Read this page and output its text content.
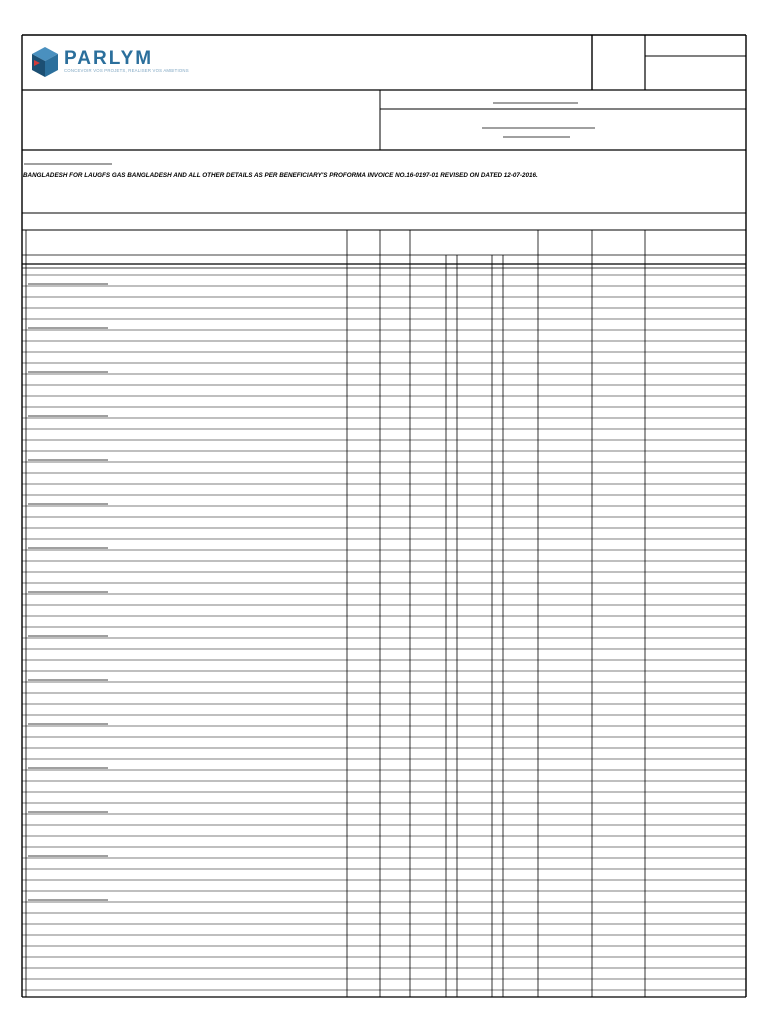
PARLYM
CONCEVOIR VOS PROJETS, REALISER VOS AMBITIONS
BANGLADESH FOR LAUGFS GAS BANGLADESH AND ALL OTHER DETAILS AS PER BENEFICIARY'S PROFORMA INVOICE NO.16-0197-01 REVISED ON DATED 12-07-2016.
